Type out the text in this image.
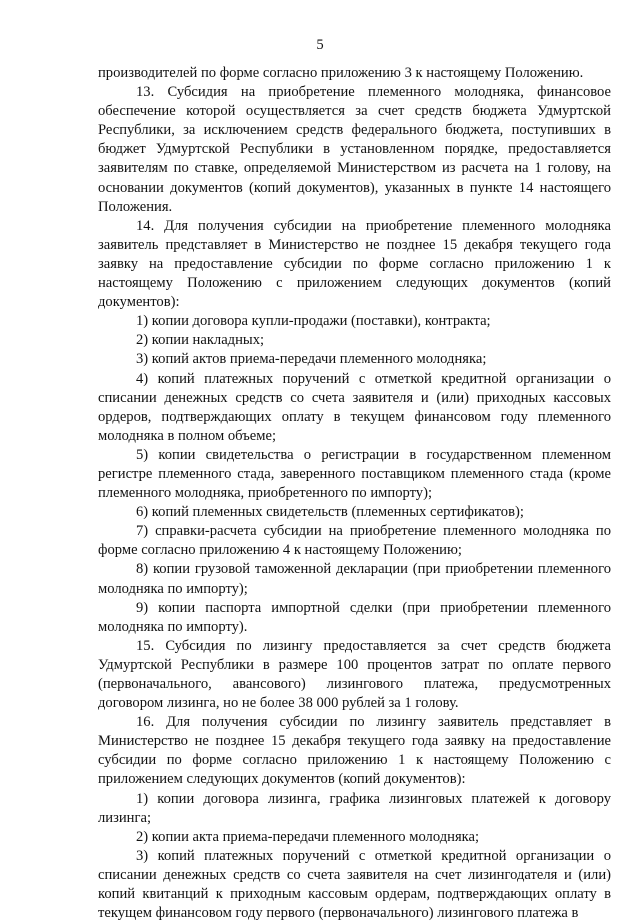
5

производителей по форме согласно приложению 3 к настоящему Положению.

13. Субсидия на приобретение племенного молодняка, финансовое обеспечение которой осуществляется за счет средств бюджета Удмуртской Республики, за исключением средств федерального бюджета, поступивших в бюджет Удмуртской Республики в установленном порядке, предоставляется заявителям по ставке, определяемой Министерством из расчета на 1 голову, на основании документов (копий документов), указанных в пункте 14 настоящего Положения.

14. Для получения субсидии на приобретение племенного молодняка заявитель представляет в Министерство не позднее 15 декабря текущего года заявку на предоставление субсидии по форме согласно приложению 1 к настоящему Положению с приложением следующих документов (копий документов):

1) копии договора купли-продажи (поставки), контракта;

2) копии накладных;

3) копий актов приема-передачи племенного молодняка;

4) копий платежных поручений с отметкой кредитной организации о списании денежных средств со счета заявителя и (или) приходных кассовых ордеров, подтверждающих оплату в текущем финансовом году племенного молодняка в полном объеме;

5) копии свидетельства о регистрации в государственном племенном регистре племенного стада, заверенного поставщиком племенного стада (кроме племенного молодняка, приобретенного по импорту);

6) копий племенных свидетельств (племенных сертификатов);

7) справки-расчета субсидии на приобретение племенного молодняка по форме согласно приложению 4 к настоящему Положению;

8) копии грузовой таможенной декларации (при приобретении племенного молодняка по импорту);

9) копии паспорта импортной сделки (при приобретении племенного молодняка по импорту).

15. Субсидия по лизингу предоставляется за счет средств бюджета Удмуртской Республики в размере 100 процентов затрат по оплате первого (первоначального, авансового) лизингового платежа, предусмотренных договором лизинга, но не более 38 000 рублей за 1 голову.

16. Для получения субсидии по лизингу заявитель представляет в Министерство не позднее 15 декабря текущего года заявку на предоставление субсидии по форме согласно приложению 1 к настоящему Положению с приложением следующих документов (копий документов):

1) копии договора лизинга, графика лизинговых платежей к договору лизинга;

2) копии акта приема-передачи племенного молодняка;

3) копий платежных поручений с отметкой кредитной организации о списании денежных средств со счета заявителя на счет лизингодателя и (или) копий квитанций к приходным кассовым ордерам, подтверждающих оплату в текущем финансовом году первого (первоначального) лизингового платежа в
